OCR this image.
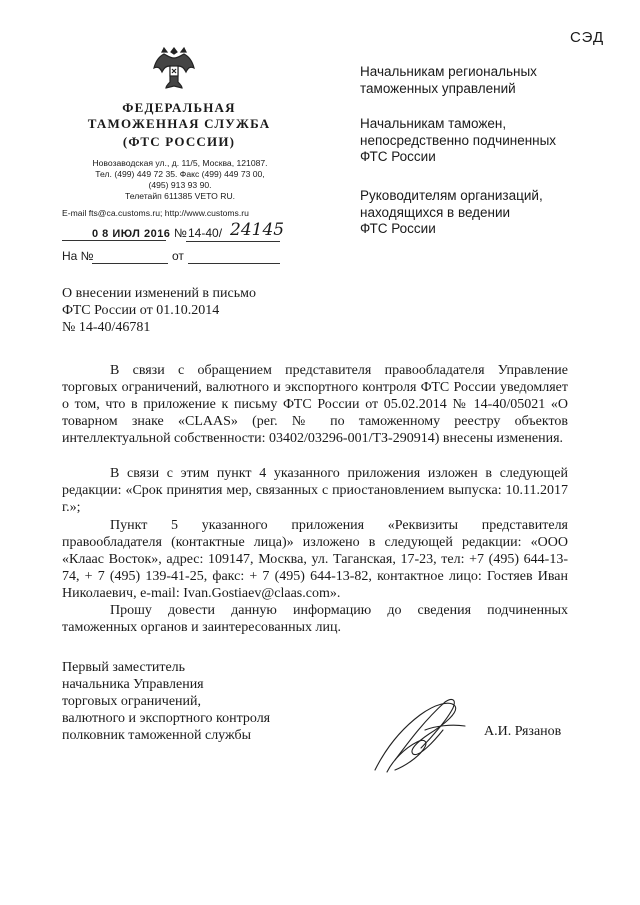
СЭД
ФЕДЕРАЛЬНАЯ
ТАМОЖЕННАЯ СЛУЖБА
(ФТС РОССИИ)
Новозаводская ул., д. 11/5, Москва, 121087.
Тел. (499) 449 72 35. Факс (499) 449 73 00,
(495) 913 93 90.
Телетайп 611385 VETO RU.
E-mail fts@ca.customs.ru; http://www.customs.ru
0 8 ИЮЛ 2016 № 14-40/ 24145
На №	от
Начальникам региональных
таможенных управлений
Начальникам таможен,
непосредственно подчиненных
ФТС России
Руководителям организаций,
находящихся в ведении
ФТС России
О внесении изменений в письмо
ФТС России от 01.10.2014
№ 14-40/46781

В связи с обращением представителя правообладателя Управление торговых ограничений, валютного и экспортного контроля ФТС России уведомляет о том, что в приложение к письму ФТС России от 05.02.2014 № 14-40/05021 «О товарном знаке «CLAAS» (рег. № по таможенному реестру объектов интеллектуальной собственности: 03402/03296-001/ТЗ-290914) внесены изменения.

В связи с этим пункт 4 указанного приложения изложен в следующей редакции: «Срок принятия мер, связанных с приостановлением выпуска: 10.11.2017 г.»;

Пункт 5 указанного приложения «Реквизиты представителя правообладателя (контактные лица)» изложено в следующей редакции: «ООО «Клаас Восток», адрес: 109147, Москва, ул. Таганская, 17-23, тел: +7 (495) 644-13-74, + 7 (495) 139-41-25, факс: + 7 (495) 644-13-82, контактное лицо: Гостяев Иван Николаевич, e-mail: Ivan.Gostiaev@claas.com».

Прошу довести данную информацию до сведения подчиненных таможенных органов и заинтересованных лиц.

Первый заместитель
начальника Управления
торговых ограничений,
валютного и экспортного контроля
полковник таможенной службы	А.И. Рязанов
